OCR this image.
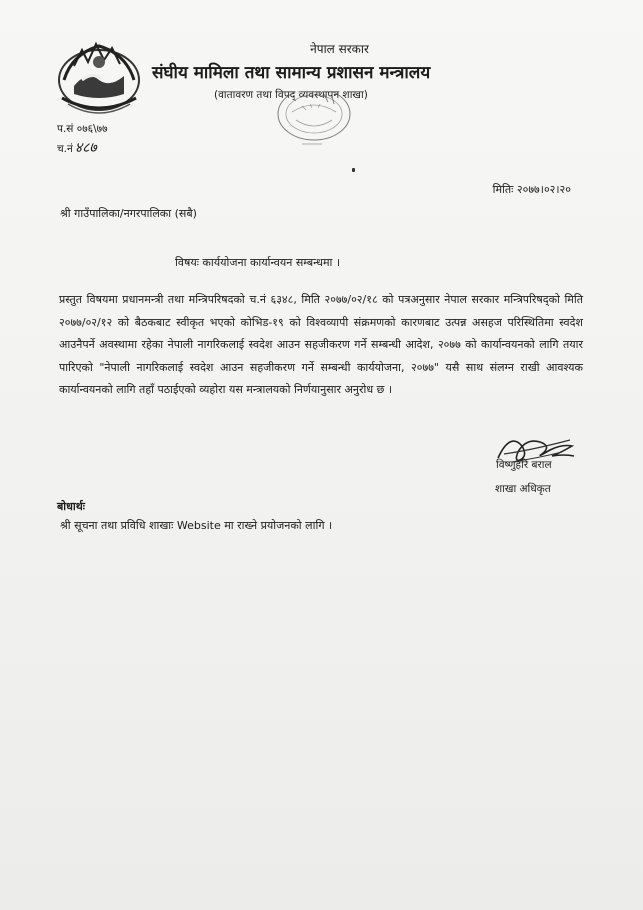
नेपाल सरकार
संघीय मामिला तथा सामान्य प्रशासन मन्त्रालय
(वातावरण तथा विपद् व्यवस्थापन शाखा)
प.सं ०७६\७७
च.नं ४८७
मितिः २०७७।०२।२०
श्री गाउँपालिका/नगरपालिका (सबै)
विषयः कार्ययोजना कार्यान्वयन सम्बन्धमा ।
प्रस्तुत विषयमा प्रधानमन्त्री तथा मन्त्रिपरिषदको च.नं ६३४८, मिति २०७७/०२/१८ को पत्रअनुसार नेपाल सरकार मन्त्रिपरिषद्को मिति २०७७/०२/१२ को बैठकबाट स्वीकृत भएको कोभिड-१९ को विश्वव्यापी संक्रमणको कारणबाट उत्पन्न असहज परिस्थितिमा स्वदेश आउनैपर्ने अवस्थामा रहेका नेपाली नागरिकलाई स्वदेश आउन सहजीकरण गर्ने सम्बन्धी आदेश, २०७७ को कार्यान्वयनको लागि तयार पारिएको "नेपाली नागरिकलाई स्वदेश आउन सहजीकरण गर्ने सम्बन्धी कार्ययोजना, २०७७" यसै साथ संलग्न राखी आवश्यक कार्यान्वयनको लागि तहाँ पठाईएको व्यहोरा यस मन्त्रालयको निर्णयानुसार अनुरोध छ ।
विष्णुहरि बराल
शाखा अधिकृत
बोधार्थः
श्री सूचना तथा प्रविधि शाखाः Website मा राख्ने प्रयोजनको लागि ।
